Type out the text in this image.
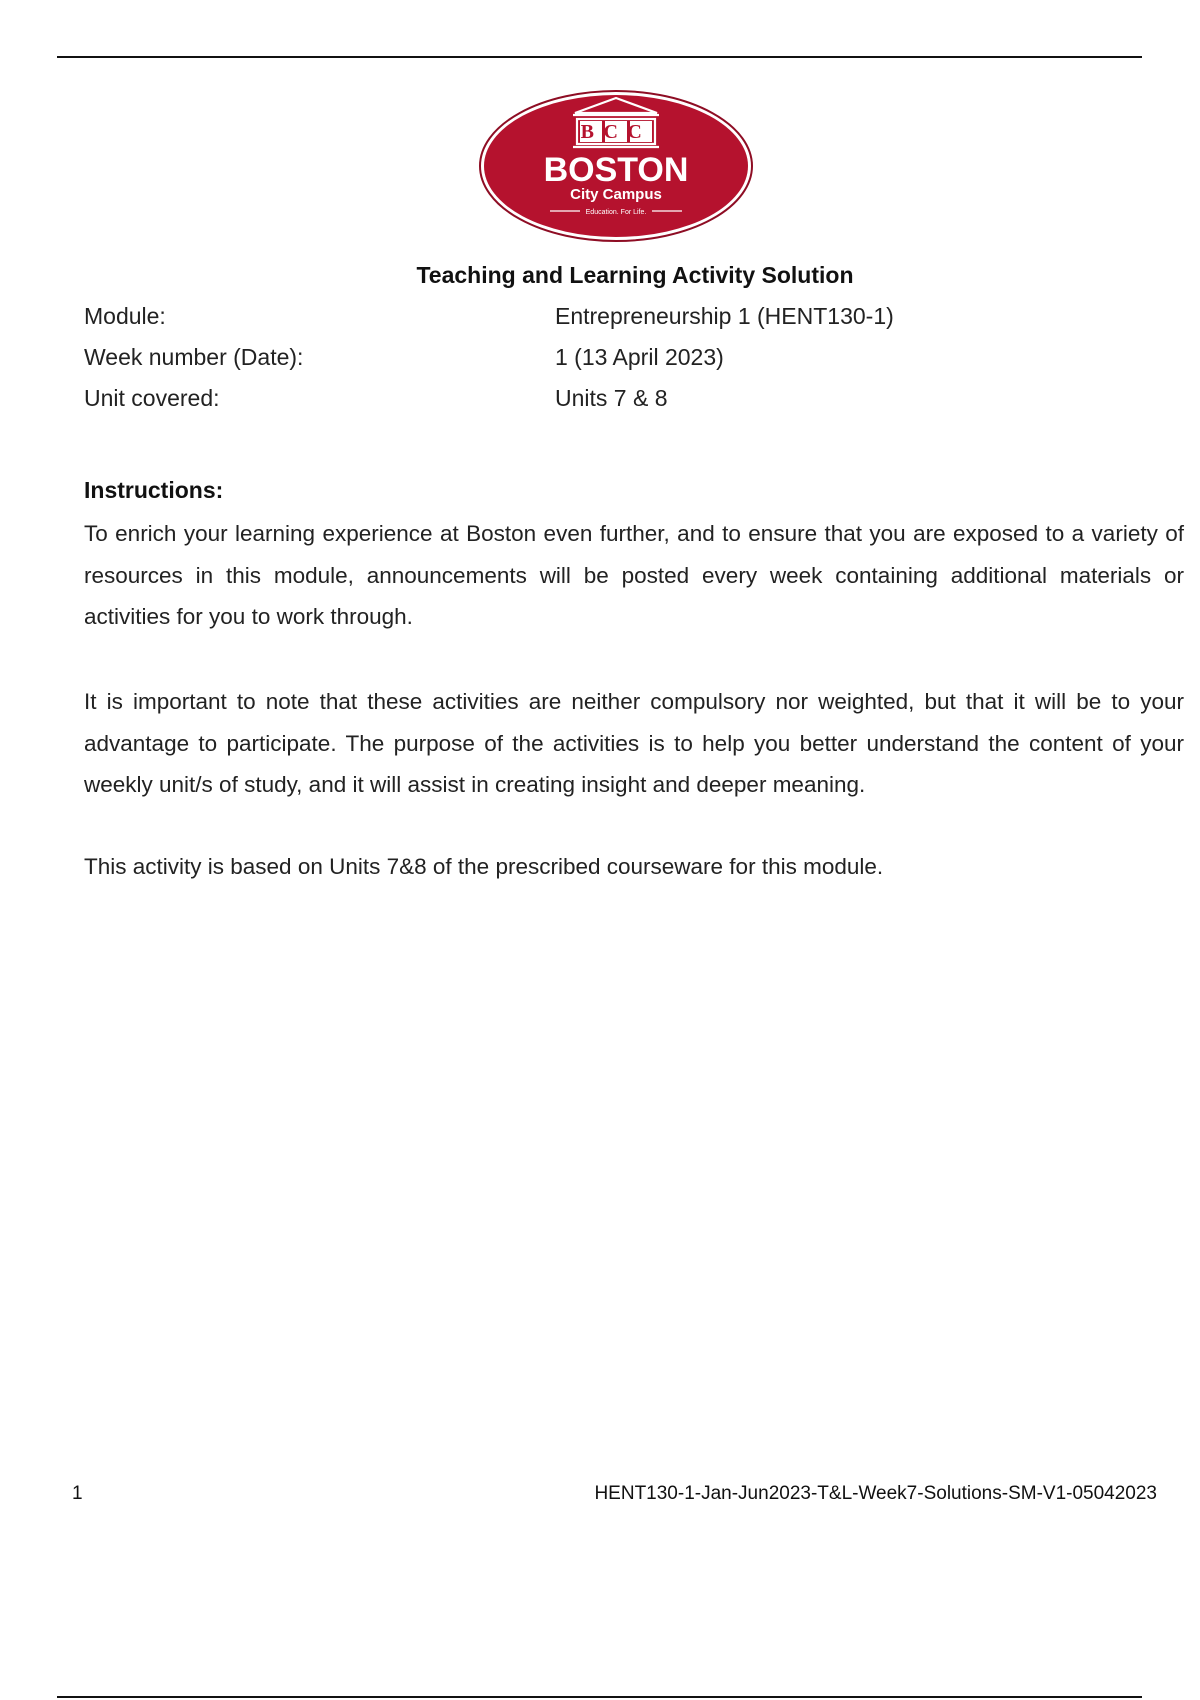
BCC
BOSTON
City Campus
Education. For Life.
Teaching and Learning Activity Solution
Module:	Entrepreneurship 1 (HENT130-1)
Week number (Date):	1 (13 April 2023)
Unit covered:	Units 7 & 8
Instructions:

To enrich your learning experience at Boston even further, and to ensure that you are exposed to a variety of resources in this module, announcements will be posted every week containing additional materials or activities for you to work through.

It is important to note that these activities are neither compulsory nor weighted, but that it will be to your advantage to participate. The purpose of the activities is to help you better understand the content of your weekly unit/s of study, and it will assist in creating insight and deeper meaning.

This activity is based on Units 7&8 of the prescribed courseware for this module.

1	HENT130-1-Jan-Jun2023-T&L-Week7-Solutions-SM-V1-05042023
